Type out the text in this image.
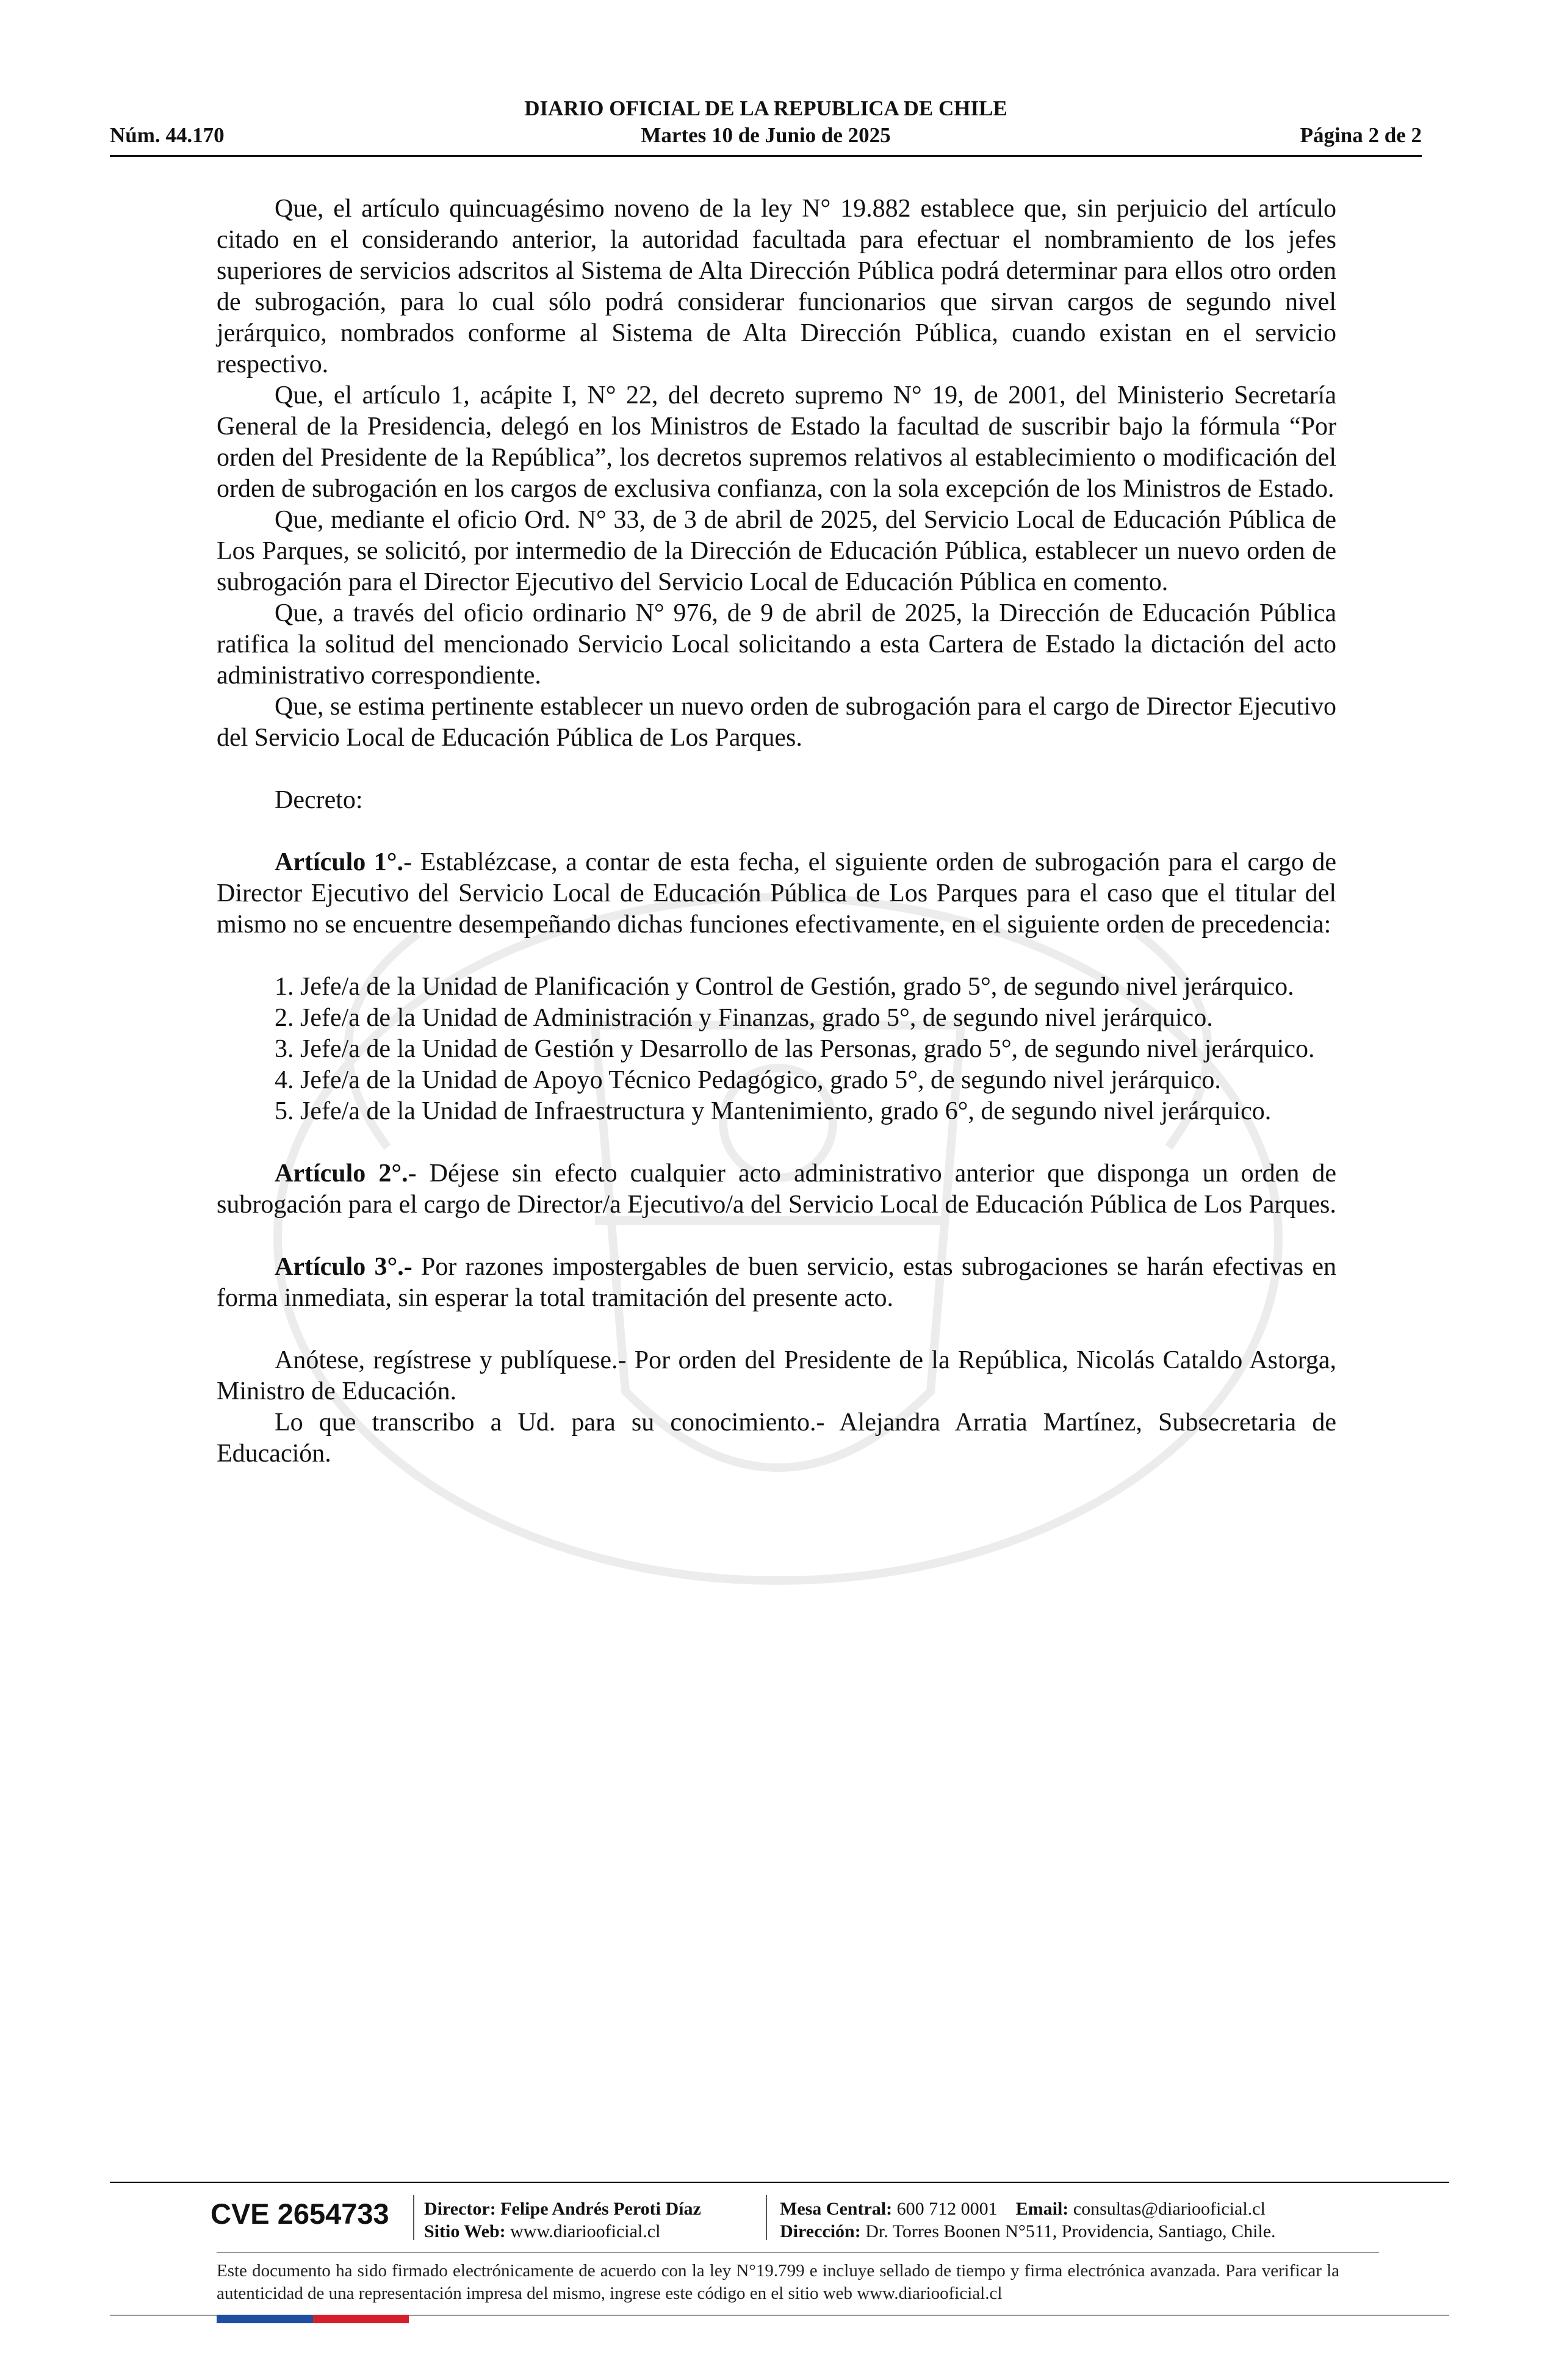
DIARIO OFICIAL DE LA REPUBLICA DE CHILE
Núm. 44.170	Martes 10 de Junio de 2025	Página 2 de 2

Que, el artículo quincuagésimo noveno de la ley N° 19.882 establece que, sin perjuicio del artículo citado en el considerando anterior, la autoridad facultada para efectuar el nombramiento de los jefes superiores de servicios adscritos al Sistema de Alta Dirección Pública podrá determinar para ellos otro orden de subrogación, para lo cual sólo podrá considerar funcionarios que sirvan cargos de segundo nivel jerárquico, nombrados conforme al Sistema de Alta Dirección Pública, cuando existan en el servicio respectivo.

Que, el artículo 1, acápite I, N° 22, del decreto supremo N° 19, de 2001, del Ministerio Secretaría General de la Presidencia, delegó en los Ministros de Estado la facultad de suscribir bajo la fórmula “Por orden del Presidente de la República”, los decretos supremos relativos al establecimiento o modificación del orden de subrogación en los cargos de exclusiva confianza, con la sola excepción de los Ministros de Estado.

Que, mediante el oficio Ord. N° 33, de 3 de abril de 2025, del Servicio Local de Educación Pública de Los Parques, se solicitó, por intermedio de la Dirección de Educación Pública, establecer un nuevo orden de subrogación para el Director Ejecutivo del Servicio Local de Educación Pública en comento.

Que, a través del oficio ordinario N° 976, de 9 de abril de 2025, la Dirección de Educación Pública ratifica la solitud del mencionado Servicio Local solicitando a esta Cartera de Estado la dictación del acto administrativo correspondiente.

Que, se estima pertinente establecer un nuevo orden de subrogación para el cargo de Director Ejecutivo del Servicio Local de Educación Pública de Los Parques.

Decreto:

Artículo 1°.- Establézcase, a contar de esta fecha, el siguiente orden de subrogación para el cargo de Director Ejecutivo del Servicio Local de Educación Pública de Los Parques para el caso que el titular del mismo no se encuentre desempeñando dichas funciones efectivamente, en el siguiente orden de precedencia:

1. Jefe/a de la Unidad de Planificación y Control de Gestión, grado 5°, de segundo nivel jerárquico.

2. Jefe/a de la Unidad de Administración y Finanzas, grado 5°, de segundo nivel jerárquico.

3. Jefe/a de la Unidad de Gestión y Desarrollo de las Personas, grado 5°, de segundo nivel jerárquico.

4. Jefe/a de la Unidad de Apoyo Técnico Pedagógico, grado 5°, de segundo nivel jerárquico.

5. Jefe/a de la Unidad de Infraestructura y Mantenimiento, grado 6°, de segundo nivel jerárquico.

Artículo 2°.- Déjese sin efecto cualquier acto administrativo anterior que disponga un orden de subrogación para el cargo de Director/a Ejecutivo/a del Servicio Local de Educación Pública de Los Parques.

Artículo 3°.- Por razones impostergables de buen servicio, estas subrogaciones se harán efectivas en forma inmediata, sin esperar la total tramitación del presente acto.

Anótese, regístrese y publíquese.- Por orden del Presidente de la República, Nicolás Cataldo Astorga, Ministro de Educación.

Lo que transcribo a Ud. para su conocimiento.- Alejandra Arratia Martínez, Subsecretaria de Educación.

CVE 2654733	Director: Felipe Andrés Peroti Díaz
Sitio Web: www.diariooficial.cl
Mesa Central: 600 712 0001 Email: consultas@diariooficial.cl
Dirección: Dr. Torres Boonen N°511, Providencia, Santiago, Chile.
Este documento ha sido firmado electrónicamente de acuerdo con la ley N°19.799 e incluye sellado de tiempo y firma electrónica avanzada. Para verificar la autenticidad de una representación impresa del mismo, ingrese este código en el sitio web www.diariooficial.cl
